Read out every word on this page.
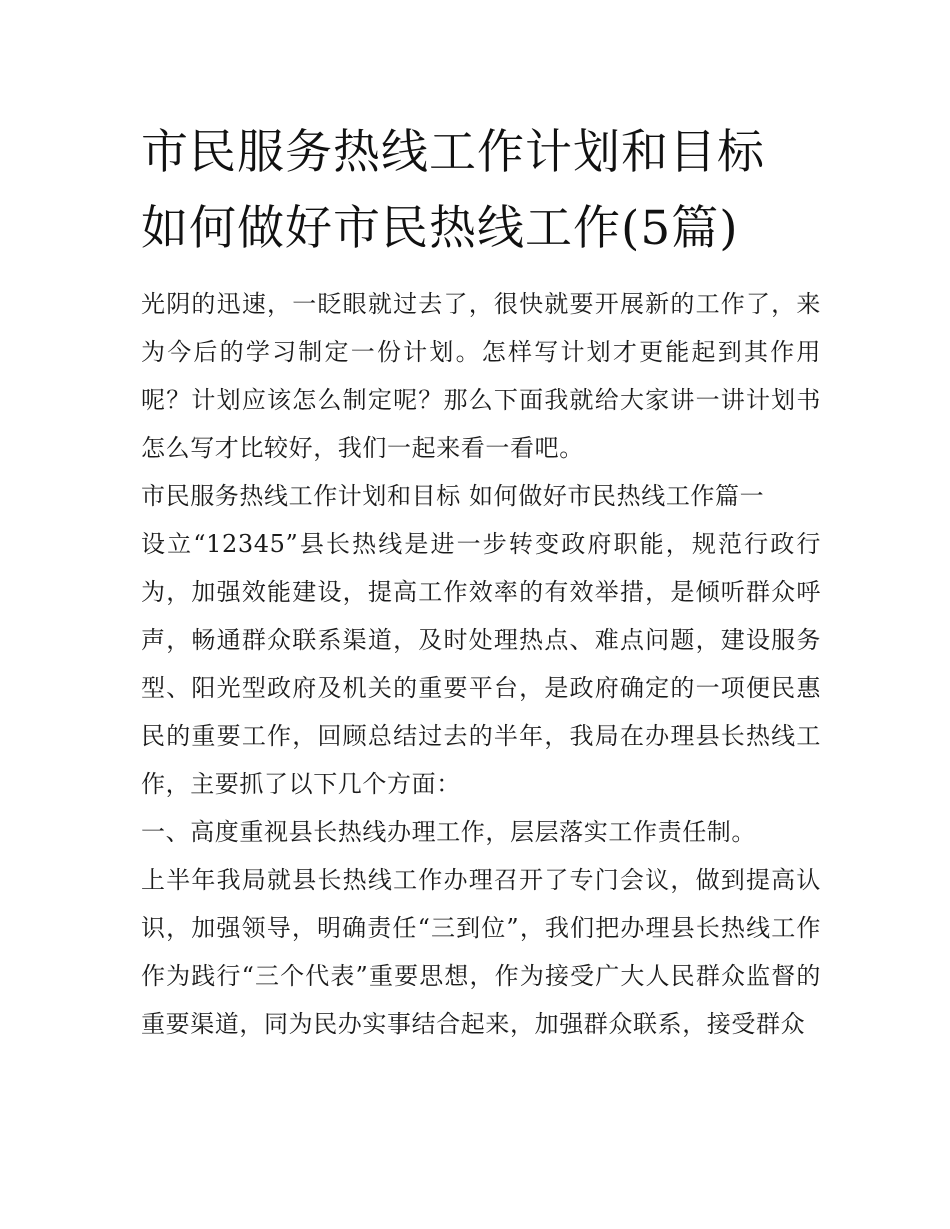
市民服务热线工作计划和目标 如何做好市民热线工作(5篇)

光阴的迅速，一眨眼就过去了，很快就要开展新的工作了，来为今后的学习制定一份计划。怎样写计划才更能起到其作用呢？计划应该怎么制定呢？那么下面我就给大家讲一讲计划书怎么写才比较好，我们一起来看一看吧。

市民服务热线工作计划和目标 如何做好市民热线工作篇一

设立“12345”县长热线是进一步转变政府职能，规范行政行为，加强效能建设，提高工作效率的有效举措，是倾听群众呼声，畅通群众联系渠道，及时处理热点、难点问题，建设服务型、阳光型政府及机关的重要平台，是政府确定的一项便民惠民的重要工作，回顾总结过去的半年，我局在办理县长热线工作，主要抓了以下几个方面：

一、高度重视县长热线办理工作，层层落实工作责任制。

上半年我局就县长热线工作办理召开了专门会议，做到提高认识，加强领导，明确责任“三到位”，我们把办理县长热线工作作为践行“三个代表”重要思想，作为接受广大人民群众监督的重要渠道，同为民办实事结合起来，加强群众联系，接受群众
